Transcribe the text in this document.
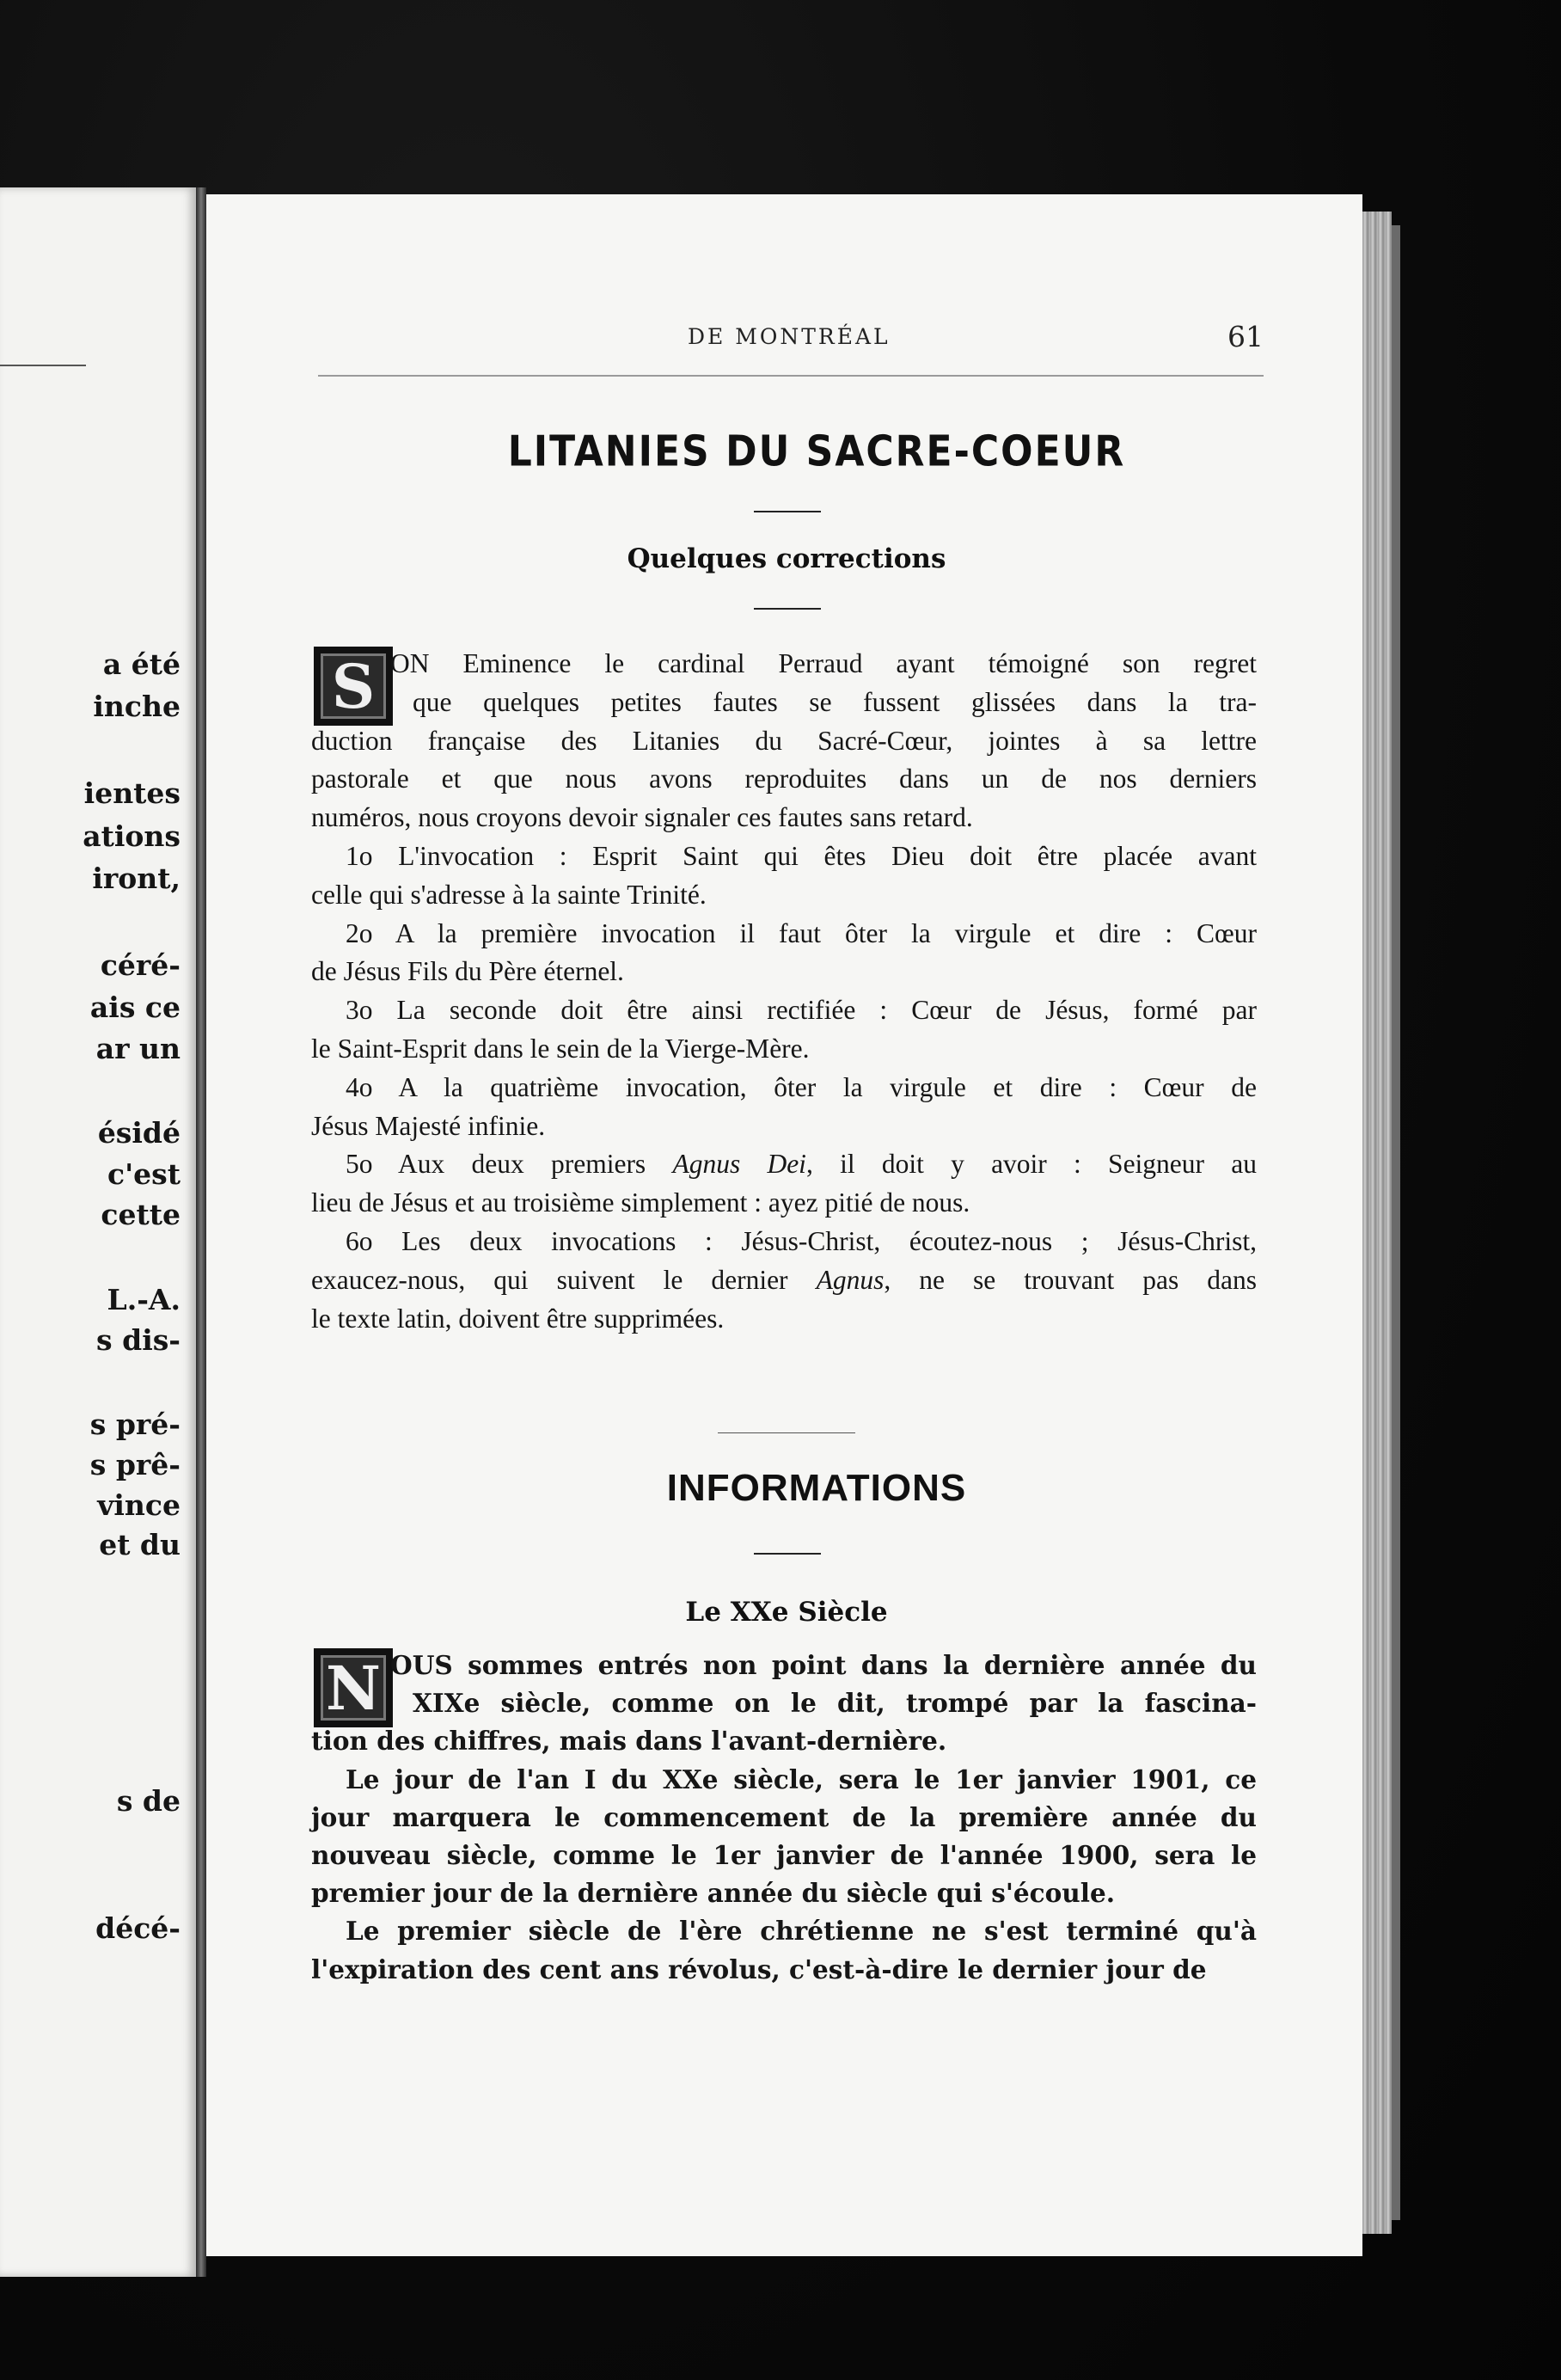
a été
inche
ientes
ations
iront,
céré-
ais ce
ar un
ésidé
c'est
cette
L.-A.
s dis-
s pré-
s prê-
vince
et du
s de
décé-
DE MONTRÉAL	61
LITANIES DU SACRE-COEUR
Quelques corrections
S ON Eminence le cardinal Perraud ayant témoigné son regret
que quelques petites fautes se fussent glissées dans la tra-
duction française des Litanies du Sacré-Cœur, jointes à sa lettre
pastorale et que nous avons reproduites dans un de nos derniers
numéros, nous croyons devoir signaler ces fautes sans retard.
1o L'invocation : Esprit Saint qui êtes Dieu doit être placée avant
celle qui s'adresse à la sainte Trinité.
2o A la première invocation il faut ôter la virgule et dire : Cœur
de Jésus Fils du Père éternel.
3o La seconde doit être ainsi rectifiée : Cœur de Jésus, formé par
le Saint-Esprit dans le sein de la Vierge-Mère.
4o A la quatrième invocation, ôter la virgule et dire : Cœur de
Jésus Majesté infinie.
5o Aux deux premiers Agnus Dei, il doit y avoir : Seigneur au
lieu de Jésus et au troisième simplement : ayez pitié de nous.
6o Les deux invocations : Jésus-Christ, écoutez-nous ; Jésus-Christ,
exaucez-nous, qui suivent le dernier Agnus, ne se trouvant pas dans
le texte latin, doivent être supprimées.
INFORMATIONS
Le XXe Siècle
N OUS sommes entrés non point dans la dernière année du
XIXe siècle, comme on le dit, trompé par la fascina-
tion des chiffres, mais dans l'avant-dernière.
Le jour de l'an I du XXe siècle, sera le 1er janvier 1901, ce
jour marquera le commencement de la première année du
nouveau siècle, comme le 1er janvier de l'année 1900, sera le
premier jour de la dernière année du siècle qui s'écoule.
Le premier siècle de l'ère chrétienne ne s'est terminé qu'à
l'expiration des cent ans révolus, c'est-à-dire le dernier jour de
